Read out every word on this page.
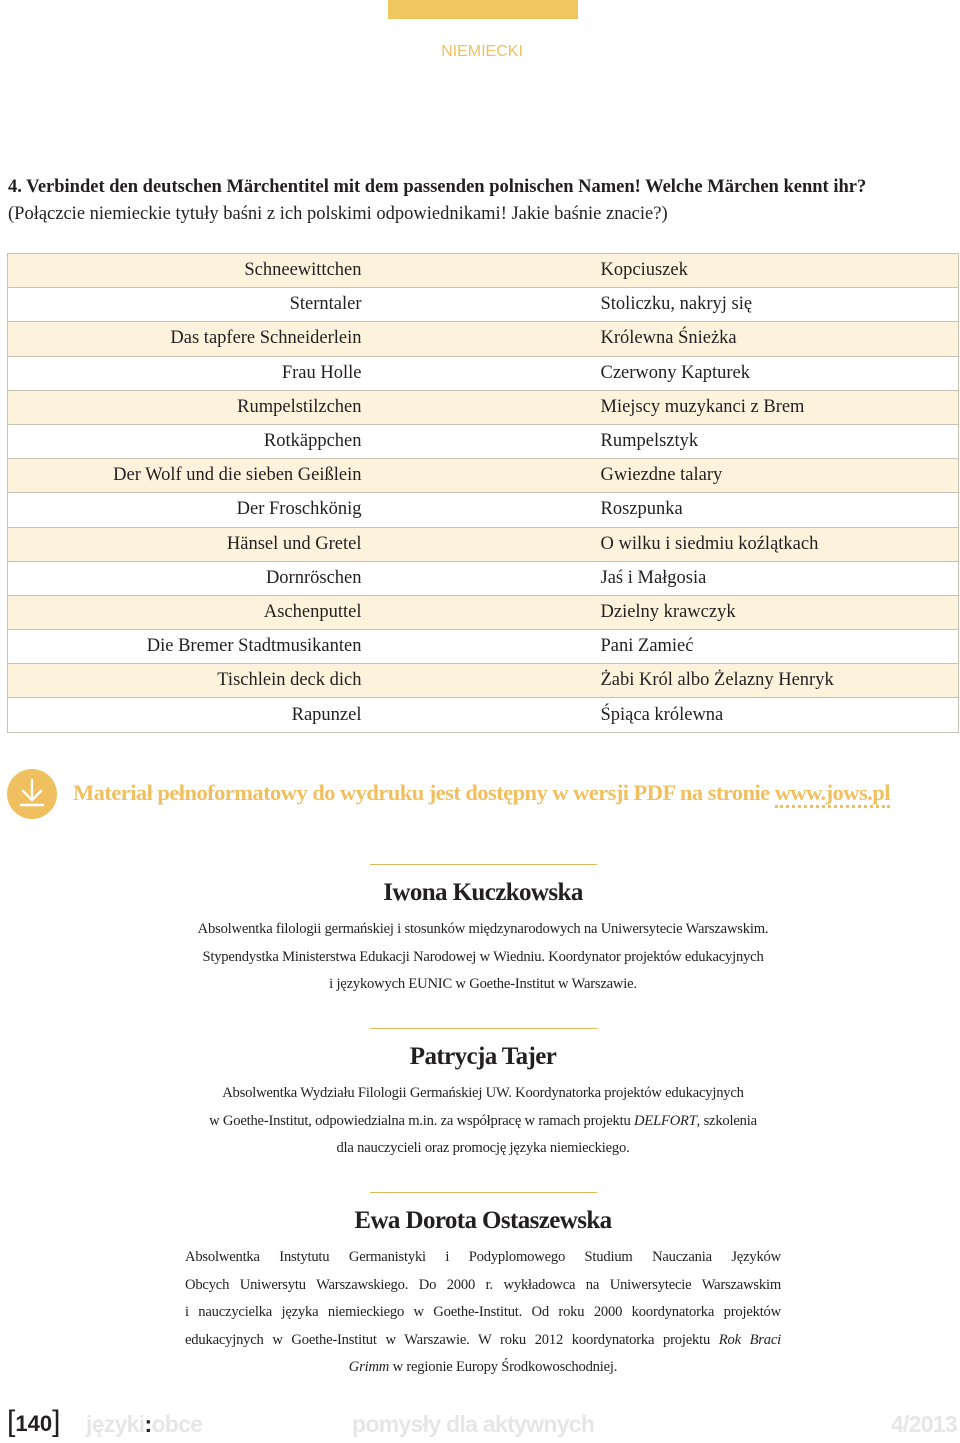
NIEMIECKI
4. Verbindet den deutschen Märchentitel mit dem passenden polnischen Namen! Welche Märchen kennt ihr?
(Połączcie niemieckie tytuły baśni z ich polskimi odpowiednikami! Jakie baśnie znacie?)
Schneewittchen	Kopciuszek
Sterntaler	Stoliczku, nakryj się
Das tapfere Schneiderlein	Królewna Śnieżka
Frau Holle	Czerwony Kapturek
Rumpelstilzchen	Miejscy muzykanci z Brem
Rotkäppchen	Rumpelsztyk
Der Wolf und die sieben Geißlein	Gwiezdne talary
Der Froschkönig	Roszpunka
Hänsel und Gretel	O wilku i siedmiu koźlątkach
Dornröschen	Jaś i Małgosia
Aschenputtel	Dzielny krawczyk
Die Bremer Stadtmusikanten	Pani Zamieć
Tischlein deck dich	Żabi Król albo Żelazny Henryk
Rapunzel	Śpiąca królewna
Materiał pełnoformatowy do wydruku jest dostępny w wersji PDF na stronie www.jows.pl
Iwona Kuczkowska
Absolwentka filologii germańskiej i stosunków międzynarodowych na Uniwersytecie Warszawskim.
Stypendystka Ministerstwa Edukacji Narodowej w Wiedniu. Koordynator projektów edukacyjnych
i językowych EUNIC w Goethe-Institut w Warszawie.
Patrycja Tajer
Absolwentka Wydziału Filologii Germańskiej UW. Koordynatorka projektów edukacyjnych
w Goethe-Institut, odpowiedzialna m.in. za współpracę w ramach projektu DELFORT, szkolenia
dla nauczycieli oraz promocję języka niemieckiego.
Ewa Dorota Ostaszewska
Absolwentka Instytutu Germanistyki i Podyplomowego Studium Nauczania Języków
Obcych Uniwersytu Warszawskiego. Do 2000 r. wykładowca na Uniwersytecie Warszawskim
i nauczycielka języka niemieckiego w Goethe-Institut. Od roku 2000 koordynatorka projektów
edukacyjnych w Goethe-Institut w Warszawie. W roku 2012 koordynatorka projektu Rok Braci
Grimm w regionie Europy Środkowoschodniej.
[140] języki:obce	pomysły dla aktywnych	4/2013
